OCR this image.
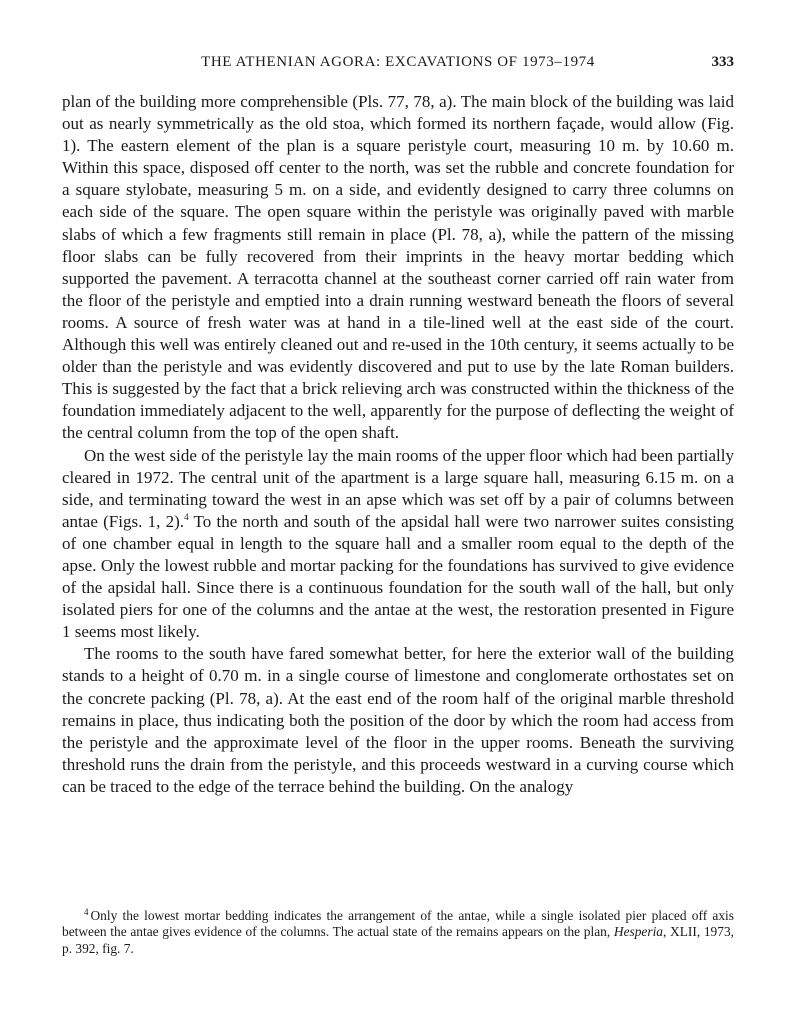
THE ATHENIAN AGORA: EXCAVATIONS OF 1973–1974	333

plan of the building more comprehensible (Pls. 77, 78, a). The main block of the building was laid out as nearly symmetrically as the old stoa, which formed its northern façade, would allow (Fig. 1). The eastern element of the plan is a square peristyle court, measuring 10 m. by 10.60 m. Within this space, disposed off center to the north, was set the rubble and concrete foundation for a square stylobate, measuring 5 m. on a side, and evidently designed to carry three columns on each side of the square. The open square within the peristyle was originally paved with marble slabs of which a few fragments still remain in place (Pl. 78, a), while the pattern of the missing floor slabs can be fully recovered from their imprints in the heavy mortar bedding which supported the pavement. A terracotta channel at the southeast corner carried off rain water from the floor of the peristyle and emptied into a drain running westward beneath the floors of several rooms. A source of fresh water was at hand in a tile-lined well at the east side of the court. Although this well was entirely cleaned out and re-used in the 10th century, it seems actually to be older than the peristyle and was evidently discovered and put to use by the late Roman builders. This is suggested by the fact that a brick relieving arch was constructed within the thickness of the foundation immediately adjacent to the well, apparently for the purpose of deflecting the weight of the central column from the top of the open shaft.

On the west side of the peristyle lay the main rooms of the upper floor which had been partially cleared in 1972. The central unit of the apartment is a large square hall, measuring 6.15 m. on a side, and terminating toward the west in an apse which was set off by a pair of columns between antae (Figs. 1, 2).$^4$ To the north and south of the apsidal hall were two narrower suites consisting of one chamber equal in length to the square hall and a smaller room equal to the depth of the apse. Only the lowest rubble and mortar packing for the foundations has survived to give evidence of the apsidal hall. Since there is a continuous foundation for the south wall of the hall, but only isolated piers for one of the columns and the antae at the west, the restoration presented in Figure 1 seems most likely.

The rooms to the south have fared somewhat better, for here the exterior wall of the building stands to a height of 0.70 m. in a single course of limestone and conglomerate orthostates set on the concrete packing (Pl. 78, a). At the east end of the room half of the original marble threshold remains in place, thus indicating both the position of the door by which the room had access from the peristyle and the approximate level of the floor in the upper rooms. Beneath the surviving threshold runs the drain from the peristyle, and this proceeds westward in a curving course which can be traced to the edge of the terrace behind the building. On the analogy

$^4$ Only the lowest mortar bedding indicates the arrangement of the antae, while a single isolated pier placed off axis between the antae gives evidence of the columns. The actual state of the remains appears on the plan, Hesperia, XLII, 1973, p. 392, fig. 7.
